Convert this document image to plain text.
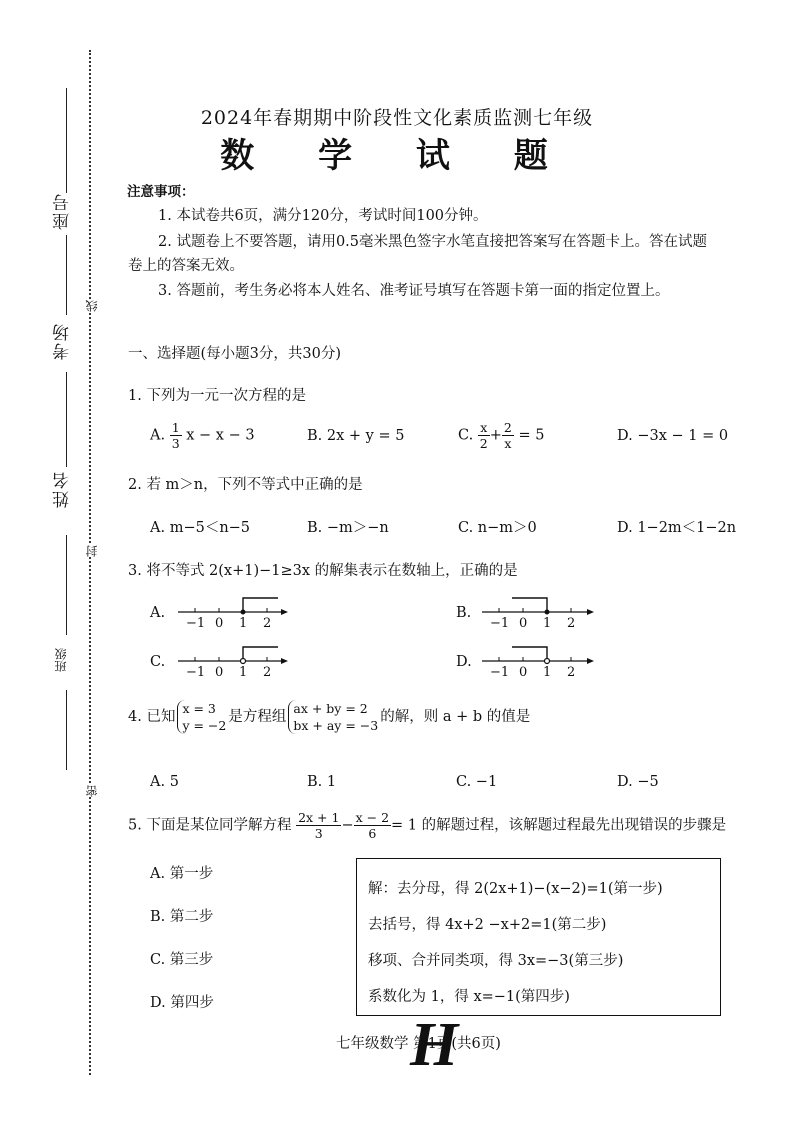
座号
考场
姓名
班级
线
封
密
2024年春期期中阶段性文化素质监测七年级
数 学 试 题
注意事项：
1. 本试卷共6页，满分120分，考试时间100分钟。
2. 试题卷上不要答题，请用0.5毫米黑色签字水笔直接把答案写在答题卡上。答在试题
卷上的答案无效。
3. 答题前，考生务必将本人姓名、准考证号填写在答题卡第一面的指定位置上。
一、选择题(每小题3分，共30分)
1. 下列为一元一次方程的是
A. $\frac{1}{3}$ x − x − 3	B. 2x + y = 5	C. $\frac{x}{2} + \frac{2}{x} = 5$	D. −3x − 1 = 0
2. 若 m＞n，下列不等式中正确的是
A. m−5＜n−5	B. −m＞−n	C. n−m＞0	D. 1−2m＜1−2n
3. 将不等式 2(x+1)−1≥3x 的解集表示在数轴上，正确的是
A.	B.
C.	D.
−1 0 1 2	−1 0 1 2
−1 0 1 2	−1 0 1 2
4. 已知
x = 3
y = −2
是方程组
ax + by = 2
bx + ay = −3
的解，则 a + b 的值是
A. 5	B. 1	C. −1	D. −5
5. 下面是某位同学解方程 $\frac{2x + 1}{3} - \frac{x - 2}{6} = 1$ 的解题过程，该解题过程最先出现错误的步骤是
A. 第一步
B. 第二步
C. 第三步
D. 第四步
解：去分母，得 2(2x+1)−(x−2)=1(第一步)
去括号，得 4x+2 −x+2=1(第二步)
移项、合并同类项，得 3x=−3(第三步)
系数化为 1，得 x=−1(第四步)
七年级数学 第1页(共6页)
H
